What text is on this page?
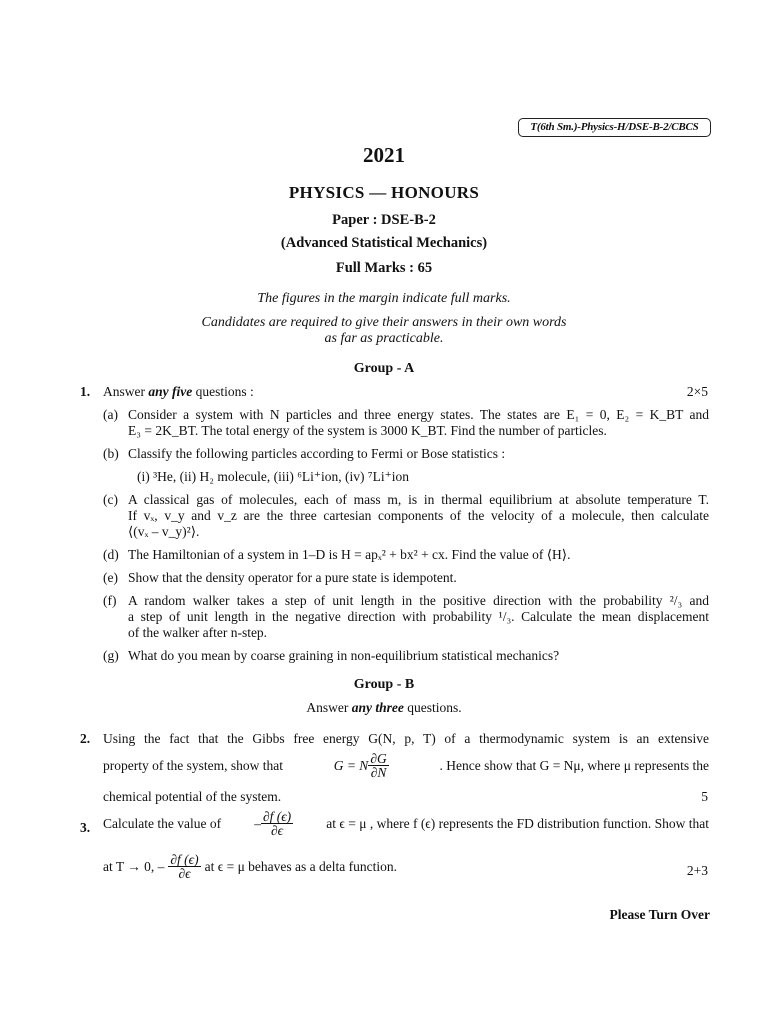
T(6th Sm.)-Physics-H/DSE-B-2/CBCS
2021
PHYSICS — HONOURS
Paper : DSE-B-2
(Advanced Statistical Mechanics)
Full Marks : 65
The figures in the margin indicate full marks.
Candidates are required to give their answers in their own words
as far as practicable.
Group - A
1. Answer any five questions :	2×5
(a) Consider a system with N particles and three energy states. The states are E₁ = 0, E₂ = K_BT and
E₃ = 2K_BT. The total energy of the system is 3000 K_BT. Find the number of particles.
(b) Classify the following particles according to Fermi or Bose statistics :
(i) ³He, (ii) H₂ molecule, (iii) ⁶Li⁺ion, (iv) ⁷Li⁺ion
(c) A classical gas of molecules, each of mass m, is in thermal equilibrium at absolute temperature T.
If vₓ, v_y and v_z are the three cartesian components of the velocity of a molecule, then calculate
⟨(vₓ – v_y)²⟩.
(d) The Hamiltonian of a system in 1–D is H = apₓ² + bx² + cx. Find the value of ⟨H⟩.
(e) Show that the density operator for a pure state is idempotent.
(f) A random walker takes a step of unit length in the positive direction with the probability ²/₃ and
a step of unit length in the negative direction with probability ¹/₃. Calculate the mean displacement
of the walker after n-step.
(g) What do you mean by coarse graining in non-equilibrium statistical mechanics?
Group - B
Answer any three questions.
2. Using the fact that the Gibbs free energy G(N, p, T) of a thermodynamic system is an extensive
property of the system, show that	G = N $\frac{\partial G}{\partial N}$	. Hence show that G = Nμ, where μ represents the
chemical potential of the system.	5
3. Calculate the value of – $\frac{\partial f (\epsilon)}{\partial\epsilon}$ at ϵ = μ , where f (ϵ) represents the FD distribution function. Show that
at T → 0, – $\frac{\partial f (\epsilon)}{\partial\epsilon}$ at ϵ = μ behaves as a delta function.	2+3
Please Turn Over
